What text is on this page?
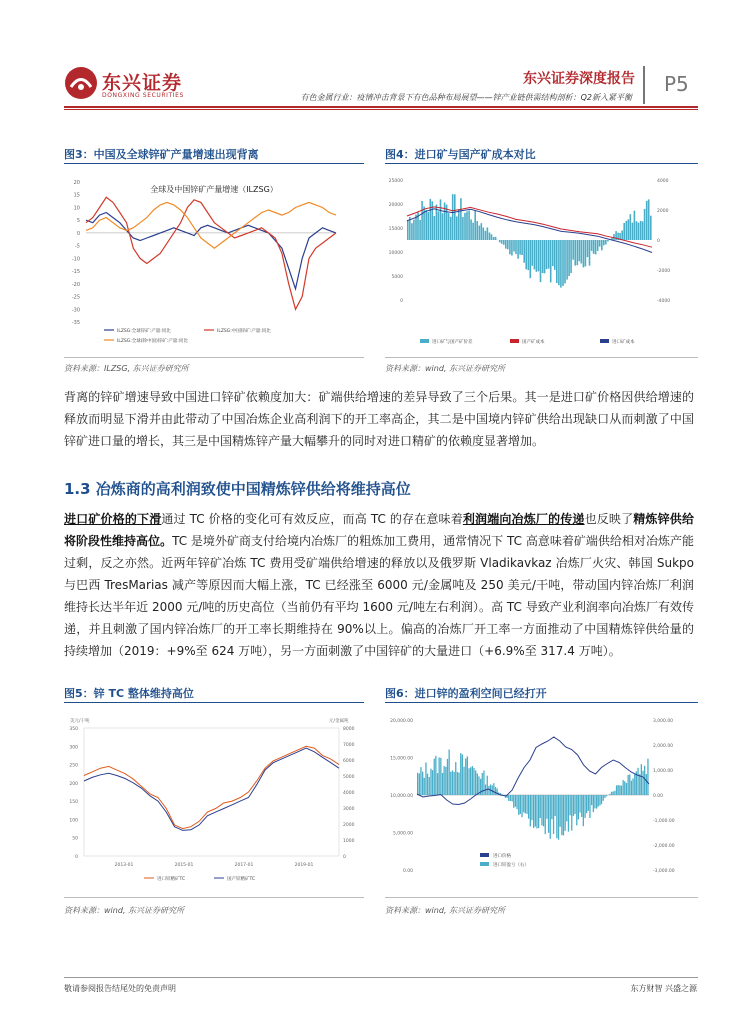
东兴证券
DONGXING SECURITIES
东兴证券深度报告 P5
有色金属行业：疫情冲击背景下有色品种布局展望——锌产业链供需结构剖析：Q2新入紧平衡
图3：中国及全球锌矿产量增速出现背离
20
15
10
5
0
-5
-10
-15
-20
-25
-30
-35
全球及中国锌矿产量增速（ILZSG）
ILZSG:全球锌矿:产量:同比	ILZSG:中国锌矿:产量:同比
ILZSG:全球(除中国)锌矿:产量:同比
资料来源：ILZSG, 东兴证券研究所
图4：进口矿与国产矿成本对比
25000
20000
15000
10000
5000
0
4000
2000
0
-2000
-4000
进口矿与国产矿价差	国产矿成本	进口矿成本
资料来源：wind, 东兴证券研究所
背离的锌矿增速导致中国进口锌矿依赖度加大：矿端供给增速的差异导致了三个后果。其一是进口矿价格因供给增速的释放而明显下滑并由此带动了中国冶炼企业高利润下的开工率高企，其二是中国境内锌矿供给出现缺口从而刺激了中国锌矿进口量的增长，其三是中国精炼锌产量大幅攀升的同时对进口精矿的依赖度显著增加。
1.3 冶炼商的高利润致使中国精炼锌供给将维持高位
进口矿价格的下滑通过 TC 价格的变化可有效反应，而高 TC 的存在意味着利润端向冶炼厂的传递也反映了精炼锌供给将阶段性维持高位。TC 是境外矿商支付给境内冶炼厂的粗炼加工费用，通常情况下 TC 高意味着矿端供给相对冶炼产能过剩，反之亦然。近两年锌矿冶炼 TC 费用受矿端供给增速的释放以及俄罗斯 Vladikavkaz 冶炼厂火灾、韩国 Sukpo 与巴西 TresMarias 减产等原因而大幅上涨，TC 已经涨至 6000 元/金属吨及 250 美元/干吨，带动国内锌冶炼厂利润维持长达半年近 2000 元/吨的历史高位（当前仍有平均 1600 元/吨左右利润）。高 TC 导致产业利润率向冶炼厂有效传递，并且刺激了国内锌冶炼厂的开工率长期维持在 90%以上。偏高的冶炼厂开工率一方面推动了中国精炼锌供给量的持续增加（2019：+9%至 624 万吨），另一方面刺激了中国锌矿的大量进口（+6.9%至 317.4 万吨）。
图5：锌 TC 整体维持高位
美元/干吨	元/金属吨
350
300
250
200
150
100
50
0
8000
7000
6000
5000
4000
3000
2000
1000
0
2013-01	2015-01	2017-01	2019-01
进口锌精矿TC	国产锌精矿TC
资料来源：wind, 东兴证券研究所
图6：进口锌的盈利空间已经打开
20,000.00
15,000.00
10,000.00
5,000.00
0.00
3,000.00
2,000.00
1,000.00
0.00
-1,000.00
-2,000.00
-3,000.00
进口价格
进口锌盈亏（右）
资料来源：wind, 东兴证券研究所
敬请参阅报告结尾处的免责声明	东方财智 兴盛之源
